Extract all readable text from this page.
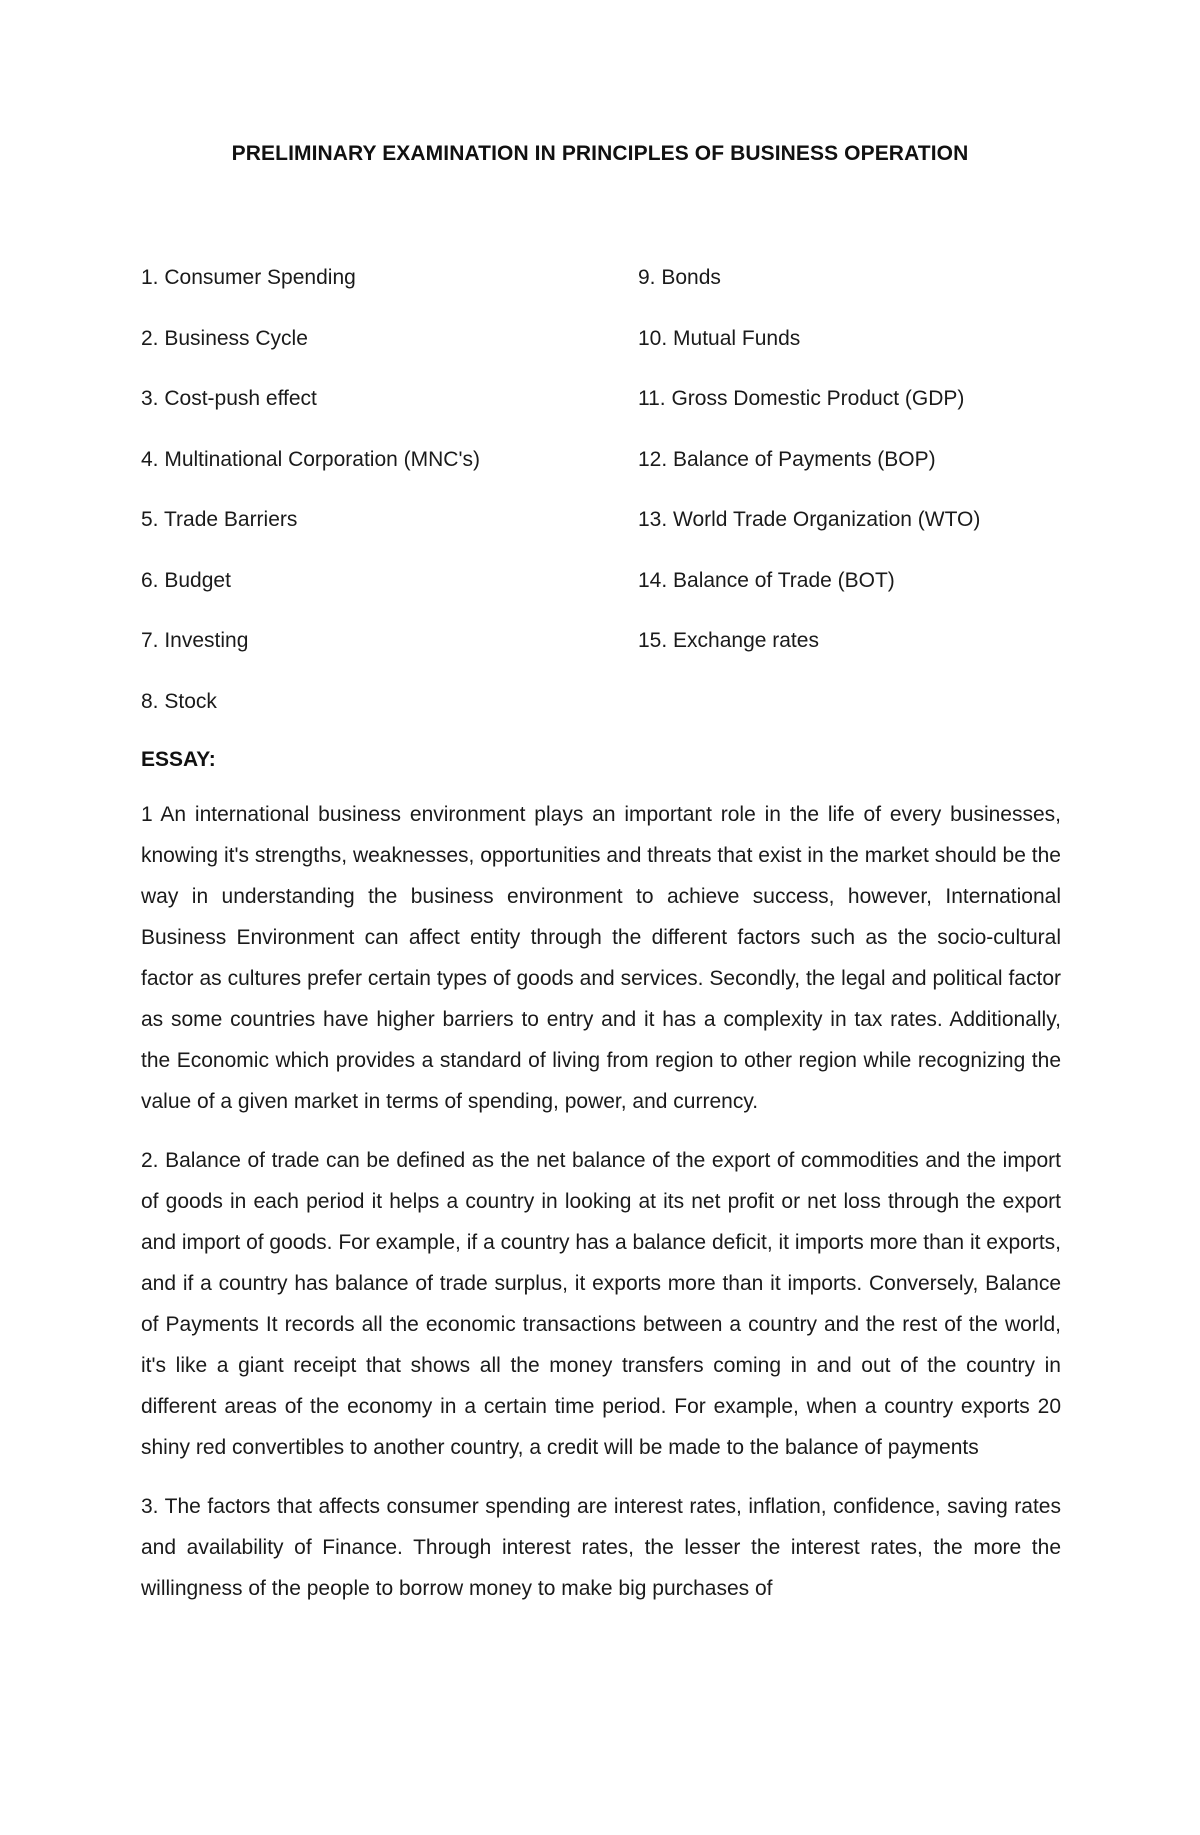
PRELIMINARY EXAMINATION IN PRINCIPLES OF BUSINESS OPERATION
1. Consumer Spending	9. Bonds
2. Business Cycle	10. Mutual Funds
3. Cost-push effect	11. Gross Domestic Product (GDP)
4. Multinational Corporation (MNC's)	12. Balance of Payments (BOP)
5. Trade Barriers	13. World Trade Organization (WTO)
6. Budget	14. Balance of Trade (BOT)
7. Investing	15. Exchange rates
8. Stock
ESSAY:

1 An international business environment plays an important role in the life of every businesses, knowing it's strengths, weaknesses, opportunities and threats that exist in the market should be the way in understanding the business environment to achieve success, however, International Business Environment can affect entity through the different factors such as the socio-cultural factor as cultures prefer certain types of goods and services. Secondly, the legal and political factor as some countries have higher barriers to entry and it has a complexity in tax rates. Additionally, the Economic which provides a standard of living from region to other region while recognizing the value of a given market in terms of spending, power, and currency.

2. Balance of trade can be defined as the net balance of the export of commodities and the import of goods in each period it helps a country in looking at its net profit or net loss through the export and import of goods. For example, if a country has a balance deficit, it imports more than it exports, and if a country has balance of trade surplus, it exports more than it imports. Conversely, Balance of Payments It records all the economic transactions between a country and the rest of the world, it's like a giant receipt that shows all the money transfers coming in and out of the country in different areas of the economy in a certain time period. For example, when a country exports 20 shiny red convertibles to another country, a credit will be made to the balance of payments

3. The factors that affects consumer spending are interest rates, inflation, confidence, saving rates and availability of Finance. Through interest rates, the lesser the interest rates, the more the willingness of the people to borrow money to make big purchases of
